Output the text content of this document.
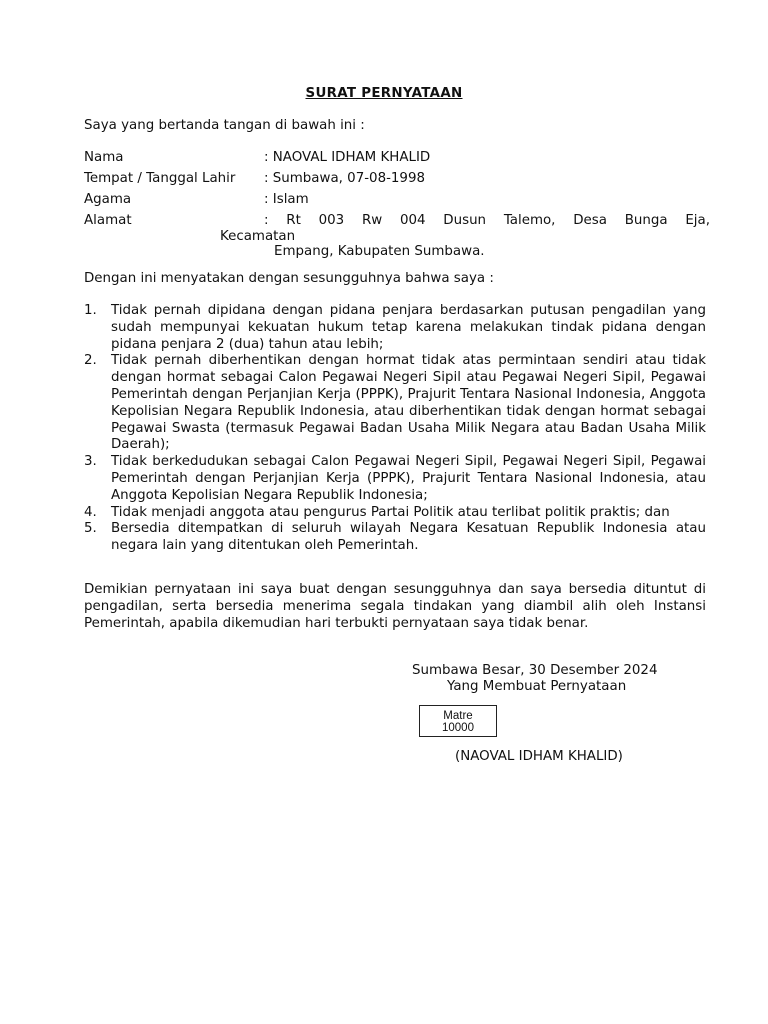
SURAT PERNYATAAN
Saya yang bertanda tangan di bawah ini :
Nama	: NAOVAL IDHAM KHALID
Tempat / Tanggal Lahir : Sumbawa, 07-08-1998
Agama	: Islam
Alamat	: Rt 003 Rw 004 Dusun Talemo, Desa Bunga Eja,
Kecamatan
Empang, Kabupaten Sumbawa.
Dengan ini menyatakan dengan sesungguhnya bahwa saya :
1. Tidak pernah dipidana dengan pidana penjara berdasarkan putusan pengadilan yang sudah mempunyai kekuatan hukum tetap karena melakukan tindak pidana dengan pidana penjara 2 (dua) tahun atau lebih;
2. Tidak pernah diberhentikan dengan hormat tidak atas permintaan sendiri atau tidak dengan hormat sebagai Calon Pegawai Negeri Sipil atau Pegawai Negeri Sipil, Pegawai Pemerintah dengan Perjanjian Kerja (PPPK), Prajurit Tentara Nasional Indonesia, Anggota Kepolisian Negara Republik Indonesia, atau diberhentikan tidak dengan hormat sebagai Pegawai Swasta (termasuk Pegawai Badan Usaha Milik Negara atau Badan Usaha Milik Daerah);
3. Tidak berkedudukan sebagai Calon Pegawai Negeri Sipil, Pegawai Negeri Sipil, Pegawai Pemerintah dengan Perjanjian Kerja (PPPK), Prajurit Tentara Nasional Indonesia, atau Anggota Kepolisian Negara Republik Indonesia;
4. Tidak menjadi anggota atau pengurus Partai Politik atau terlibat politik praktis; dan
5. Bersedia ditempatkan di seluruh wilayah Negara Kesatuan Republik Indonesia atau negara lain yang ditentukan oleh Pemerintah.
Demikian pernyataan ini saya buat dengan sesungguhnya dan saya bersedia dituntut di pengadilan, serta bersedia menerima segala tindakan yang diambil alih oleh Instansi Pemerintah, apabila dikemudian hari terbukti pernyataan saya tidak benar.
Sumbawa Besar, 30 Desember 2024
Yang Membuat Pernyataan
Matre
10000
(NAOVAL IDHAM KHALID)
